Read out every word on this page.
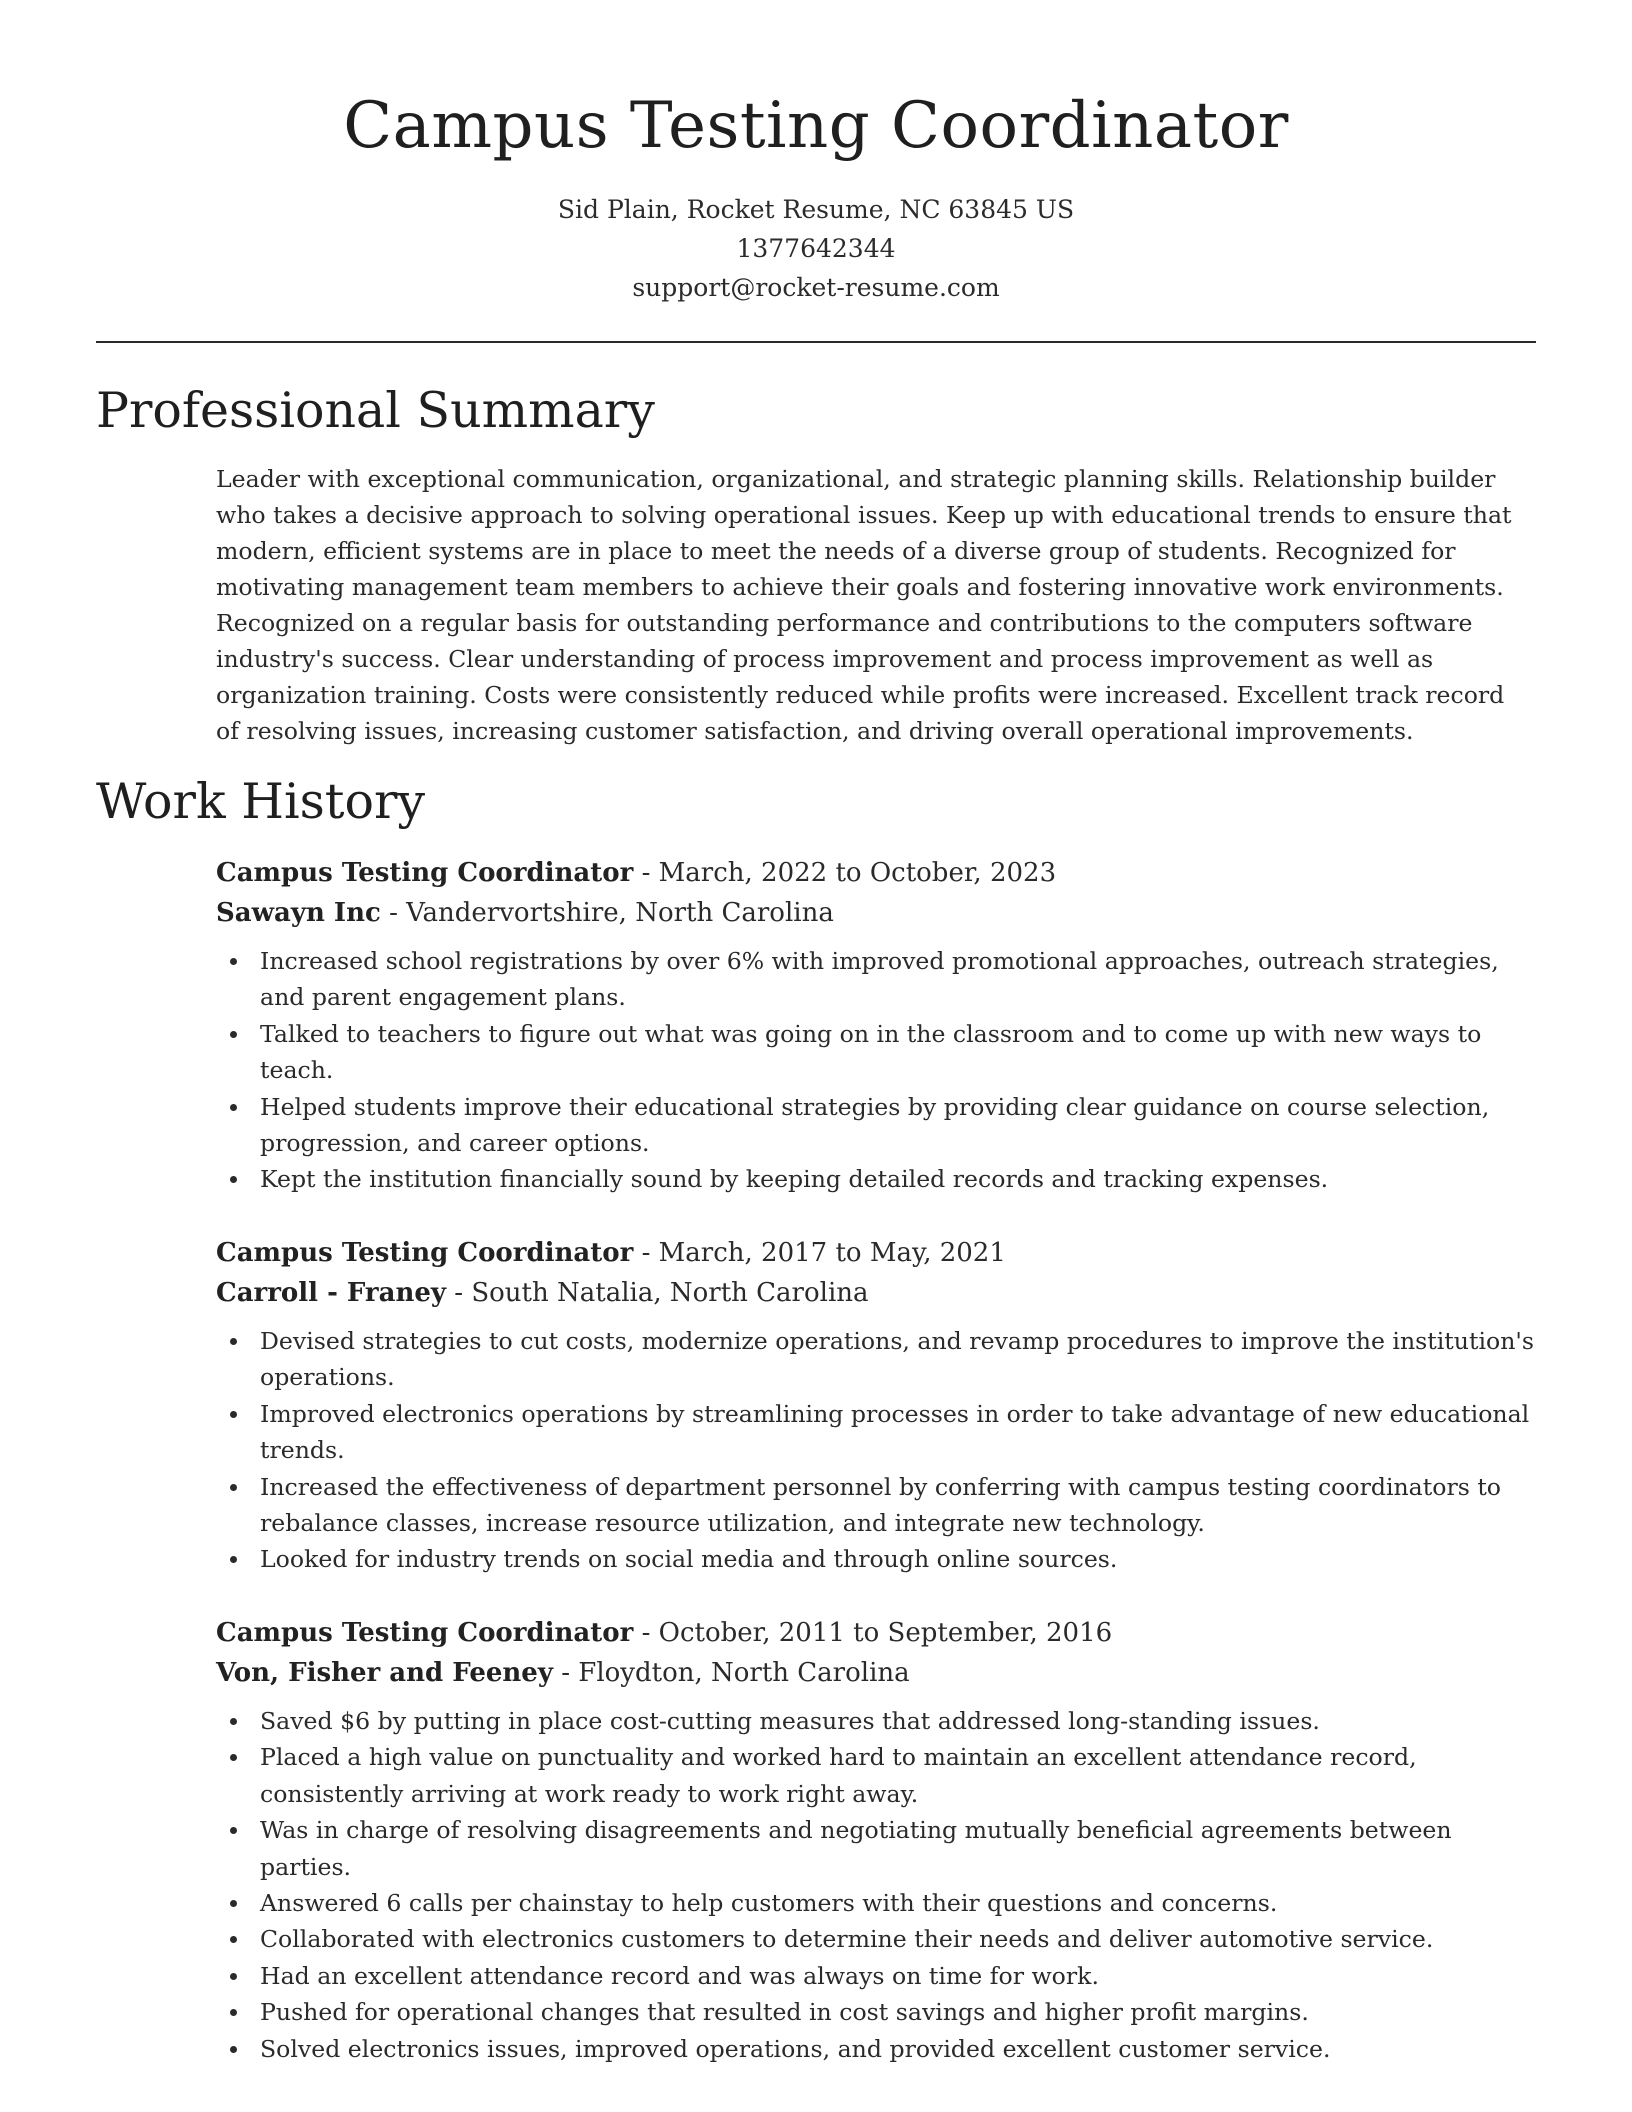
Campus Testing Coordinator
Sid Plain, Rocket Resume, NC 63845 US
1377642344
support@rocket-resume.com
Professional Summary

Leader with exceptional communication, organizational, and strategic planning skills. Relationship builder who takes a decisive approach to solving operational issues. Keep up with educational trends to ensure that modern, efficient systems are in place to meet the needs of a diverse group of students. Recognized for motivating management team members to achieve their goals and fostering innovative work environments. Recognized on a regular basis for outstanding performance and contributions to the computers software industry's success. Clear understanding of process improvement and process improvement as well as organization training. Costs were consistently reduced while profits were increased. Excellent track record of resolving issues, increasing customer satisfaction, and driving overall operational improvements.

Work History

Campus Testing Coordinator - March, 2022 to October, 2023

Sawayn Inc - Vandervortshire, North Carolina

Increased school registrations by over 6% with improved promotional approaches, outreach strategies, and parent engagement plans.
Talked to teachers to figure out what was going on in the classroom and to come up with new ways to teach.
Helped students improve their educational strategies by providing clear guidance on course selection, progression, and career options.
Kept the institution financially sound by keeping detailed records and tracking expenses.

Campus Testing Coordinator - March, 2017 to May, 2021

Carroll - Franey - South Natalia, North Carolina

Devised strategies to cut costs, modernize operations, and revamp procedures to improve the institution's operations.
Improved electronics operations by streamlining processes in order to take advantage of new educational trends.
Increased the effectiveness of department personnel by conferring with campus testing coordinators to rebalance classes, increase resource utilization, and integrate new technology.
Looked for industry trends on social media and through online sources.

Campus Testing Coordinator - October, 2011 to September, 2016

Von, Fisher and Feeney - Floydton, North Carolina

Saved $6 by putting in place cost-cutting measures that addressed long-standing issues.
Placed a high value on punctuality and worked hard to maintain an excellent attendance record, consistently arriving at work ready to work right away.
Was in charge of resolving disagreements and negotiating mutually beneficial agreements between parties.
Answered 6 calls per chainstay to help customers with their questions and concerns.
Collaborated with electronics customers to determine their needs and deliver automotive service.
Had an excellent attendance record and was always on time for work.
Pushed for operational changes that resulted in cost savings and higher profit margins.
Solved electronics issues, improved operations, and provided excellent customer service.
